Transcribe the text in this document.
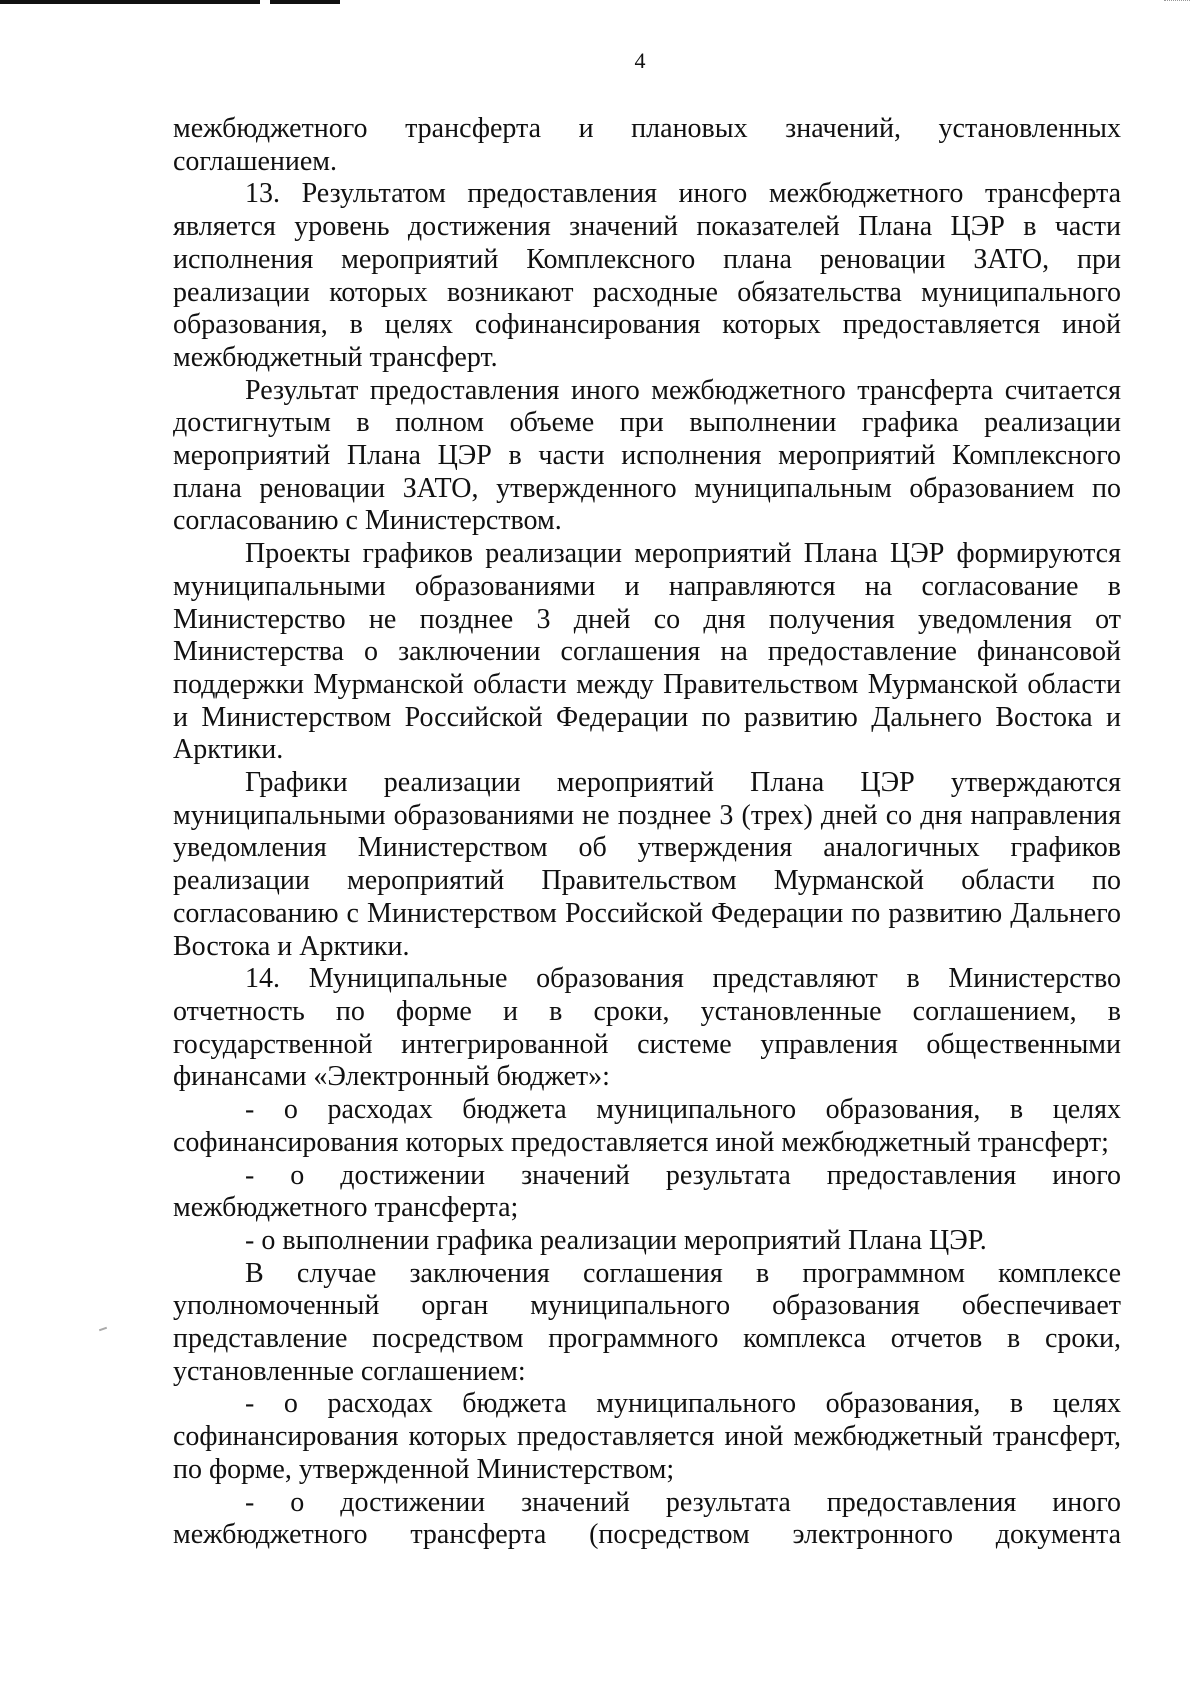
4

межбюджетного трансферта и плановых значений, установленных соглашением.

13. Результатом предоставления иного межбюджетного трансферта является уровень достижения значений показателей Плана ЦЭР в части исполнения мероприятий Комплексного плана реновации ЗАТО, при реализации которых возникают расходные обязательства муниципального образования, в целях софинансирования которых предоставляется иной межбюджетный трансферт.

Результат предоставления иного межбюджетного трансферта считается достигнутым в полном объеме при выполнении графика реализации мероприятий Плана ЦЭР в части исполнения мероприятий Комплексного плана реновации ЗАТО, утвержденного муниципальным образованием по согласованию с Министерством.

Проекты графиков реализации мероприятий Плана ЦЭР формируются муниципальными образованиями и направляются на согласование в Министерство не позднее 3 дней со дня получения уведомления от Министерства о заключении соглашения на предоставление финансовой поддержки Мурманской области между Правительством Мурманской области и Министерством Российской Федерации по развитию Дальнего Востока и Арктики.

Графики реализации мероприятий Плана ЦЭР утверждаются муниципальными образованиями не позднее 3 (трех) дней со дня направления уведомления Министерством об утверждения аналогичных графиков реализации мероприятий Правительством Мурманской области по согласованию с Министерством Российской Федерации по развитию Дальнего Востока и Арктики.

14. Муниципальные образования представляют в Министерство отчетность по форме и в сроки, установленные соглашением, в государственной интегрированной системе управления общественными финансами «Электронный бюджет»:

- о расходах бюджета муниципального образования, в целях софинансирования которых предоставляется иной межбюджетный трансферт;

- о достижении значений результата предоставления иного межбюджетного трансферта;

- о выполнении графика реализации мероприятий Плана ЦЭР.

В случае заключения соглашения в программном комплексе уполномоченный орган муниципального образования обеспечивает представление посредством программного комплекса отчетов в сроки, установленные соглашением:

- о расходах бюджета муниципального образования, в целях софинансирования которых предоставляется иной межбюджетный трансферт, по форме, утвержденной Министерством;

- о достижении значений результата предоставления иного межбюджетного трансферта (посредством электронного документа
